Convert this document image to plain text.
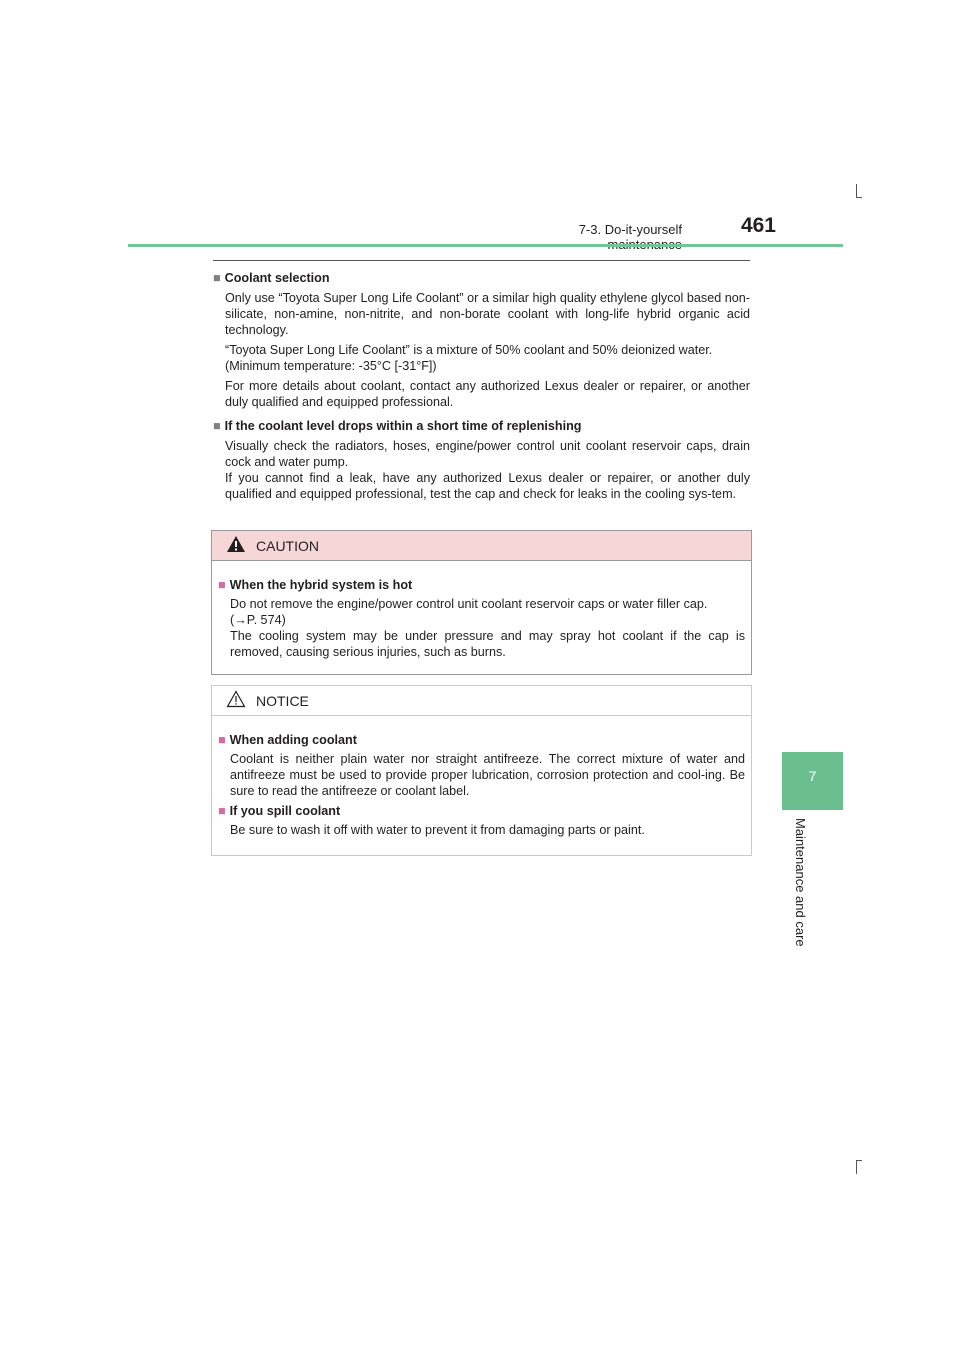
7-3. Do-it-yourself	461
7
Maintenance and care
■ Coolant selection
Only use “Toyota Super Long Life Coolant” or a similar high quality ethylene glycol based non-silicate, non-amine, non-nitrite, and non-borate coolant with long-life hybrid organic acid technology.
“Toyota Super Long Life Coolant” is a mixture of 50% coolant and 50% deionized water.
(Minimum temperature: -35°C [-31°F])
For more details about coolant, contact any authorized Lexus dealer or repairer, or another duly qualified and equipped professional.
■ If the coolant level drops within a short time of replenishing
Visually check the radiators, hoses, engine/power control unit coolant reservoir caps, drain cock and water pump.
If you cannot find a leak, have any authorized Lexus dealer or repairer, or another duly qualified and equipped professional, test the cap and check for leaks in the cooling sys-tem.
CAUTION
■ When the hybrid system is hot
Do not remove the engine/power control unit coolant reservoir caps or water filler cap.
(→P. 574)
The cooling system may be under pressure and may spray hot coolant if the cap is removed, causing serious injuries, such as burns.
NOTICE
■ When adding coolant
Coolant is neither plain water nor straight antifreeze. The correct mixture of water and antifreeze must be used to provide proper lubrication, corrosion protection and cool-ing. Be sure to read the antifreeze or coolant label.
■ If you spill coolant
Be sure to wash it off with water to prevent it from damaging parts or paint.
